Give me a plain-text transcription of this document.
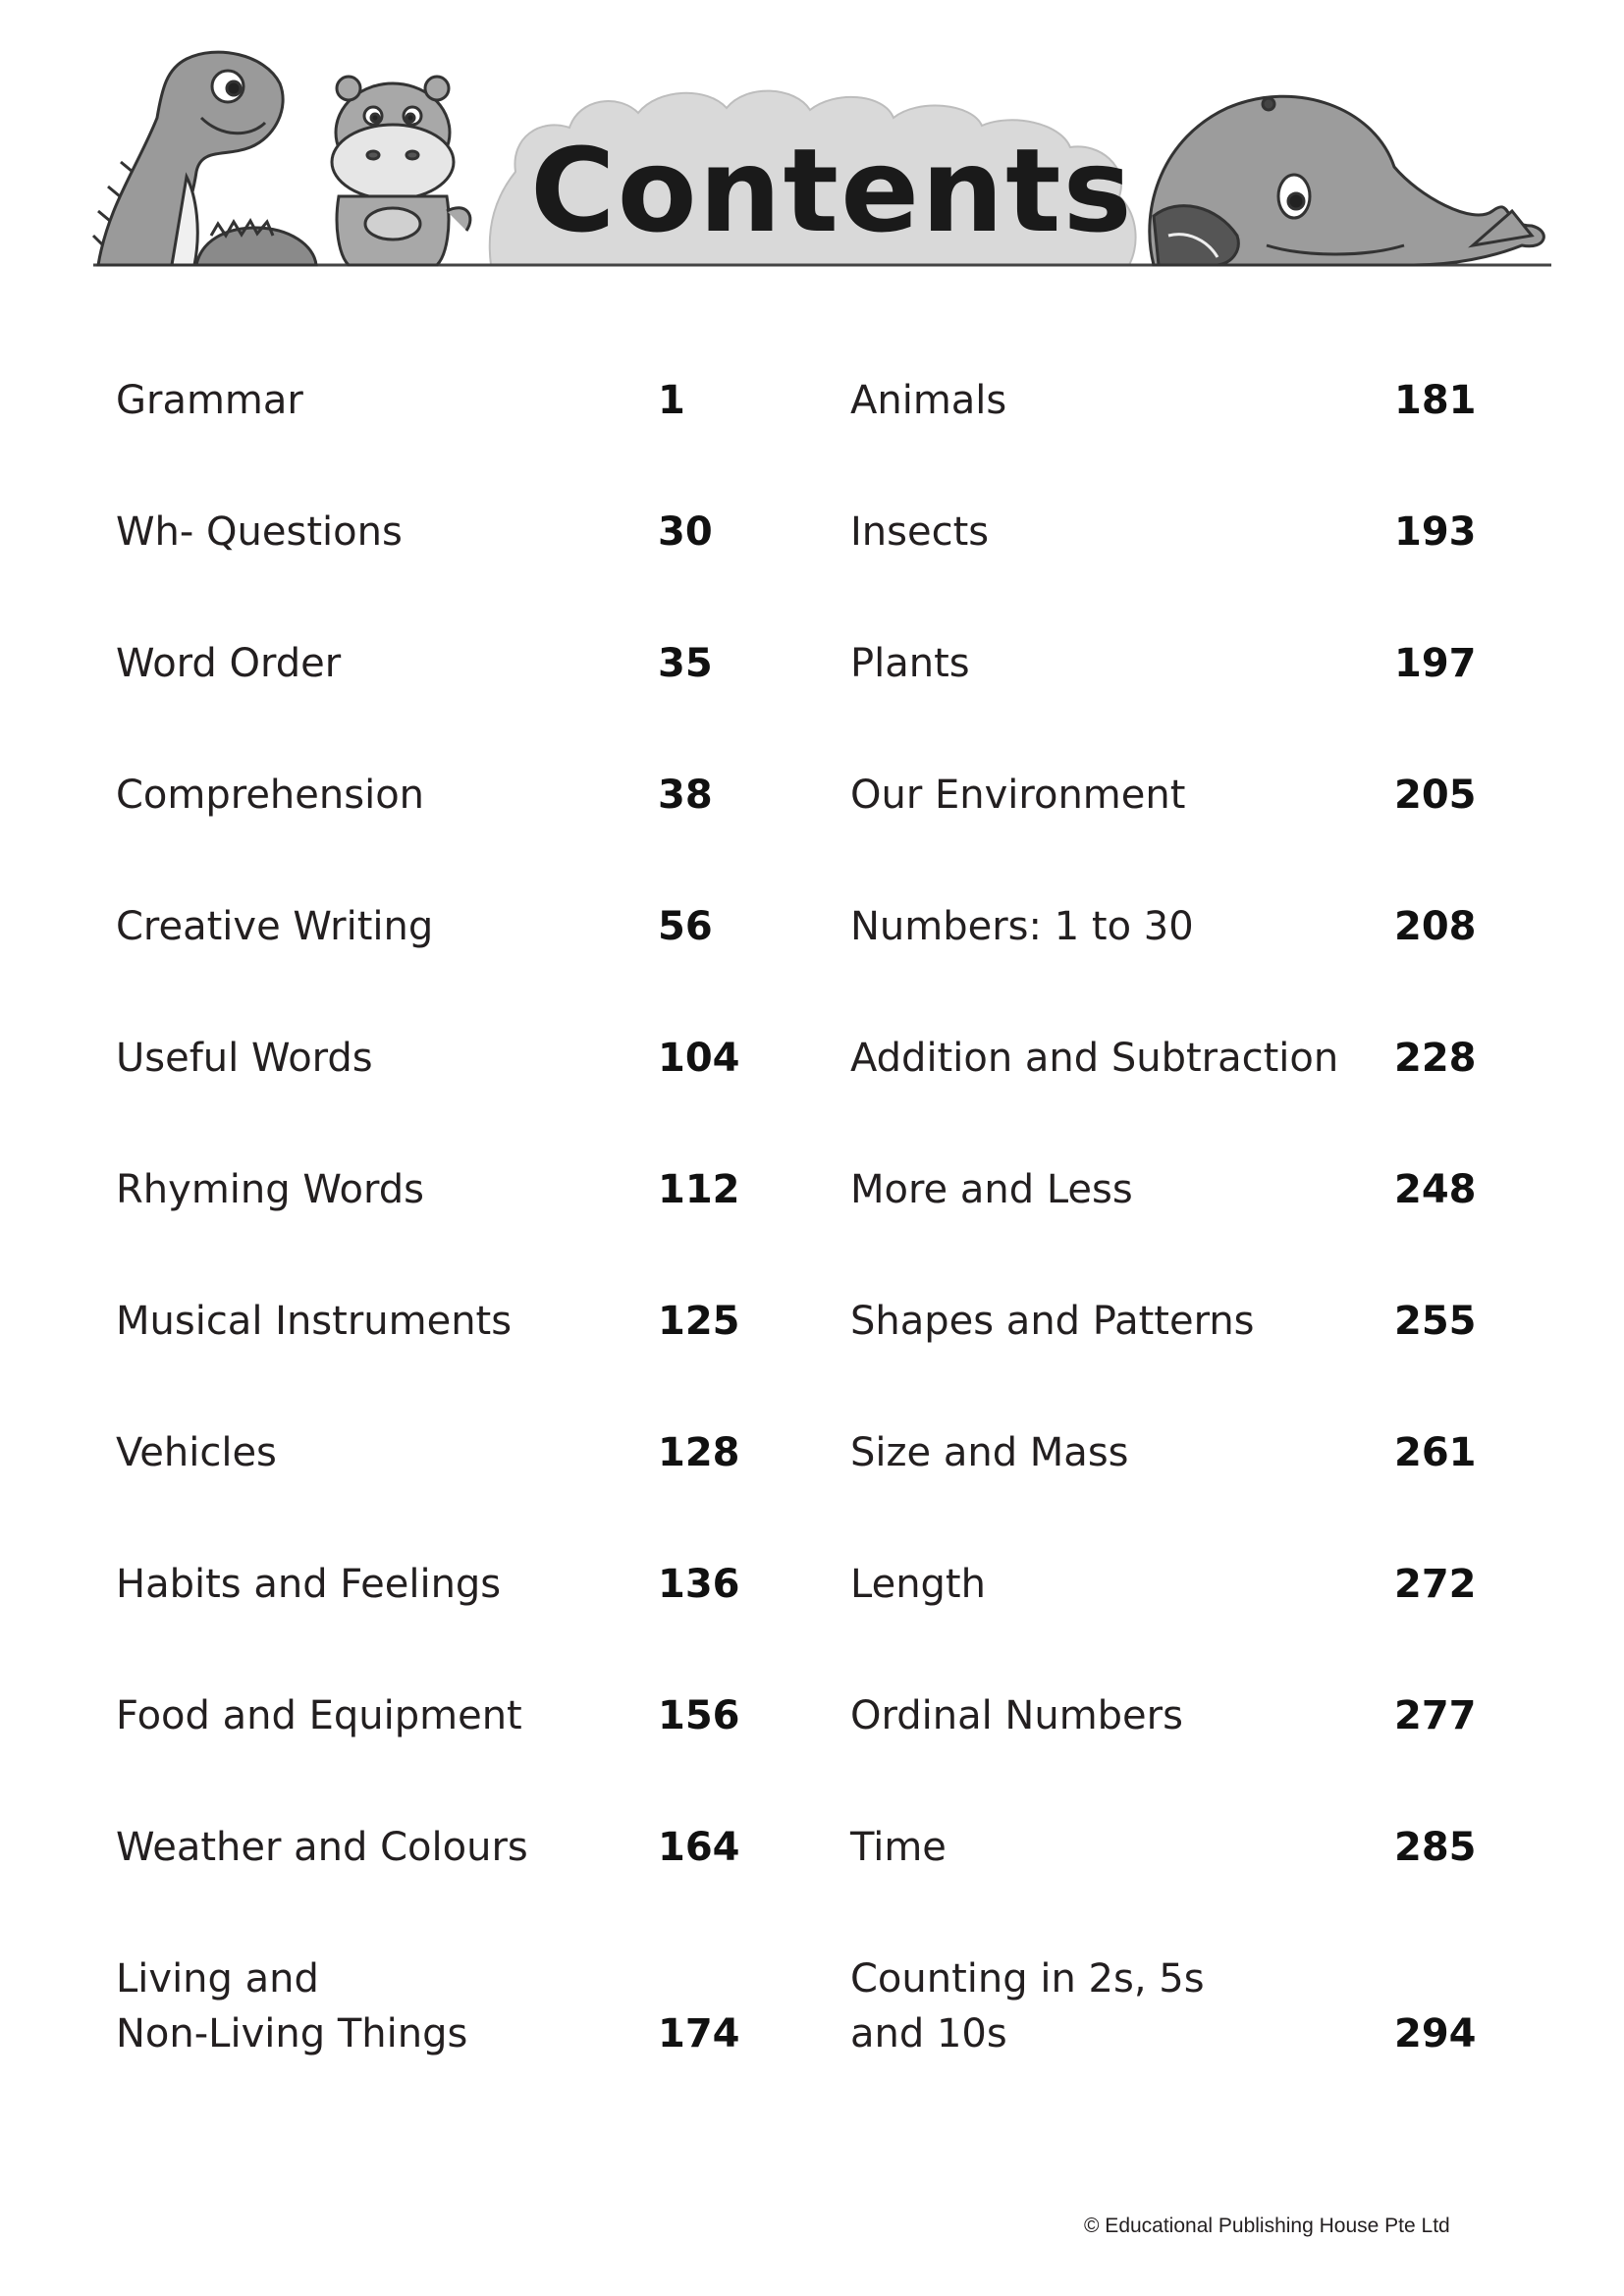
Contents
Grammar	1
Wh- Questions	30
Word Order	35
Comprehension	38
Creative Writing	56
Useful Words	104
Rhyming Words	112
Musical Instruments	125
Vehicles	128
Habits and Feelings	136
Food and Equipment	156
Weather and Colours	164
Living and
Non-Living Things	174
Animals	181
Insects	193
Plants	197
Our Environment	205
Numbers: 1 to 30	208
Addition and Subtraction 228
More and Less	248
Shapes and Patterns	255
Size and Mass	261
Length	272
Ordinal Numbers	277
Time	285
Counting in 2s, 5s
and 10s	294
© Educational Publishing House Pte Ltd
